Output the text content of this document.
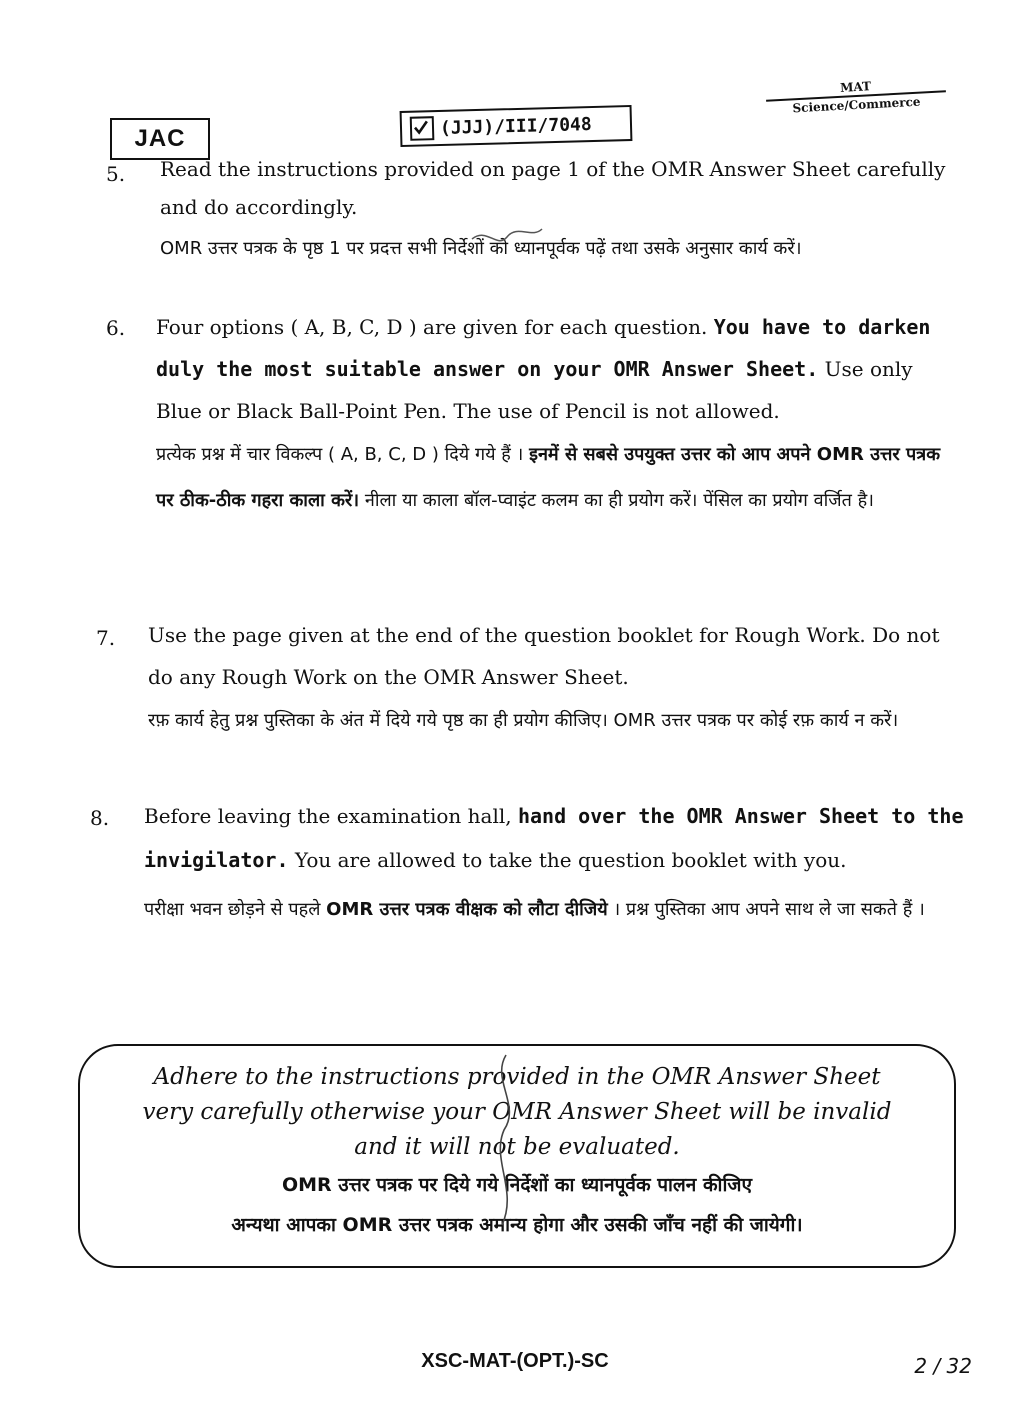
JAC	(JJJ)/III/7048
MAT
Science/Commerce
5. Read the instructions provided on page 1 of the OMR Answer Sheet carefully and do accordingly.
OMR उत्तर पत्रक के पृष्ठ 1 पर प्रदत्त सभी निर्देशों को ध्यानपूर्वक पढ़ें तथा उसके अनुसार कार्य करें।
6. Four options ( A, B, C, D ) are given for each question. You have to darken duly the most suitable answer on your OMR Answer Sheet. Use only Blue or Black Ball-Point Pen. The use of Pencil is not allowed.
प्रत्येक प्रश्न में चार विकल्प ( A, B, C, D ) दिये गये हैं । इनमें से सबसे उपयुक्त उत्तर को आप अपने OMR उत्तर पत्रक पर ठीक-ठीक गहरा काला करें। नीला या काला बॉल-प्वाइंट कलम का ही प्रयोग करें। पेंसिल का प्रयोग वर्जित है।
7. Use the page given at the end of the question booklet for Rough Work. Do not do any Rough Work on the OMR Answer Sheet.
रफ़ कार्य हेतु प्रश्न पुस्तिका के अंत में दिये गये पृष्ठ का ही प्रयोग कीजिए। OMR उत्तर पत्रक पर कोई रफ़ कार्य न करें।
8. Before leaving the examination hall, hand over the OMR Answer Sheet to the invigilator. You are allowed to take the question booklet with you.
परीक्षा भवन छोड़ने से पहले OMR उत्तर पत्रक वीक्षक को लौटा दीजिये । प्रश्न पुस्तिका आप अपने साथ ले जा सकते हैं ।
Adhere to the instructions provided in the OMR Answer Sheet
very carefully otherwise your OMR Answer Sheet will be invalid
and it will not be evaluated.
OMR उत्तर पत्रक पर दिये गये निर्देशों का ध्यानपूर्वक पालन कीजिए
अन्यथा आपका OMR उत्तर पत्रक अमान्य होगा और उसकी जाँच नहीं की जायेगी।
XSC-MAT-(OPT.)-SC	2 / 32
